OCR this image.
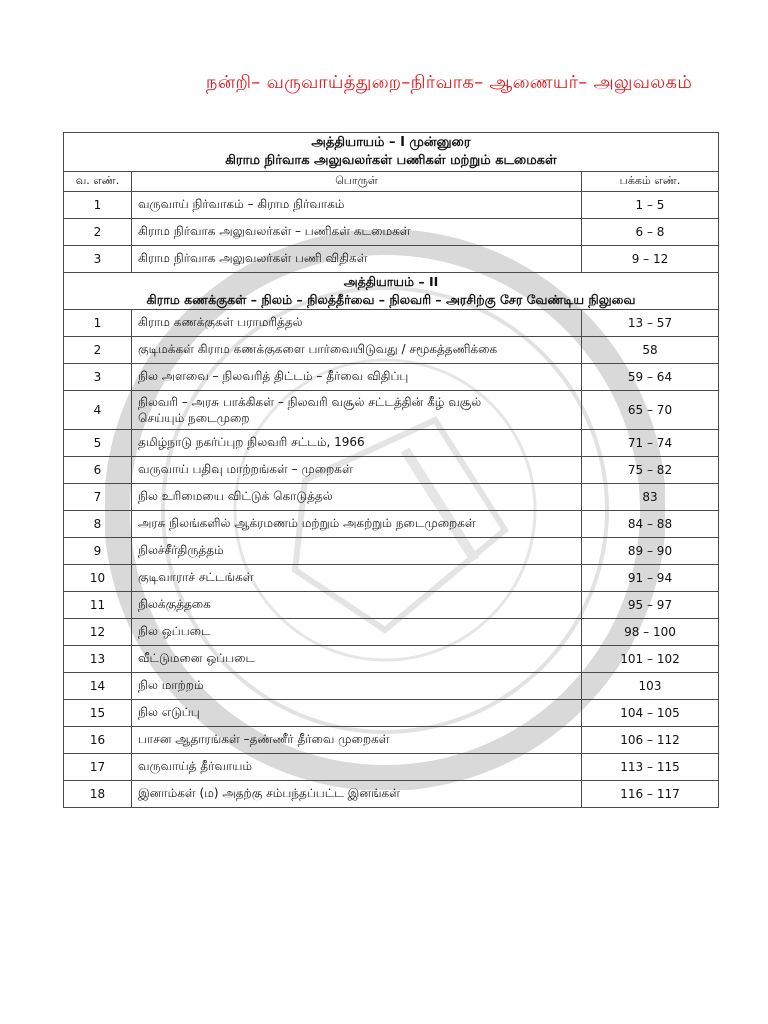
நன்றி– வருவாய்த்துறை–நிர்வாக– ஆணையர்– அலுவலகம்
அத்தியாயம் – I முன்னுரை
கிராம நிர்வாக அலுவலர்கள் பணிகள் மற்றும் கடமைகள்		

வ. எண்.	பொருள்	பக்கம் எண்.
1	வருவாய் நிர்வாகம் – கிராம நிர்வாகம்	1 – 5
2	கிராம நிர்வாக அலுவலர்கள் – பணிகள் கடமைகள்	6 – 8
3	கிராம நிர்வாக அலுவலர்கள் பணி விதிகள்	9 – 12

அத்தியாயம் – II
கிராம கணக்குகள் – நிலம் – நிலத்தீர்வை – நிலவரி – அரசிற்கு சேர வேண்டிய நிலுவை		

1	கிராம கணக்குகள் பராமரித்தல்	13 – 57
2	குடிமக்கள் கிராம கணக்குகளை பார்வையிடுவது / சமூகத்தணிக்கை	58
3	நில அளவை – நிலவரித் திட்டம் – தீர்வை விதிப்பு	59 – 64
4	நிலவரி – அரசு பாக்கிகள் – நிலவரி வசூல் சட்டத்தின் கீழ் வசூல்
செய்யும் நடைமுறை	65 – 70
5	தமிழ்நாடு நகர்ப்புற நிலவரி சட்டம், 1966	71 – 74
6	வருவாய் பதிவு மாற்றங்கள் – முறைகள்	75 – 82
7	நில உரிமையை விட்டுக் கொடுத்தல்	83
8	அரசு நிலங்களில் ஆக்ரமணம் மற்றும் அகற்றும் நடைமுறைகள்	84 – 88
9	நிலச்சீர்திருத்தம்	89 – 90
10	குடிவாராச் சட்டங்கள்	91 – 94
11	நிலக்குத்தகை	95 – 97
12	நில ஒப்படை	98 – 100
13	வீட்டுமனை ஒப்படை	101 – 102
14	நில மாற்றம்	103
15	நில எடுப்பு	104 – 105
16	பாசன ஆதாரங்கள் –தண்ணீர் தீர்வை முறைகள்	106 – 112
17	வருவாய்த் தீர்வாயம்	113 – 115
18	இனாம்கள் (ம) அதற்கு சம்பந்தப்பட்ட இனங்கள்	116 – 117
